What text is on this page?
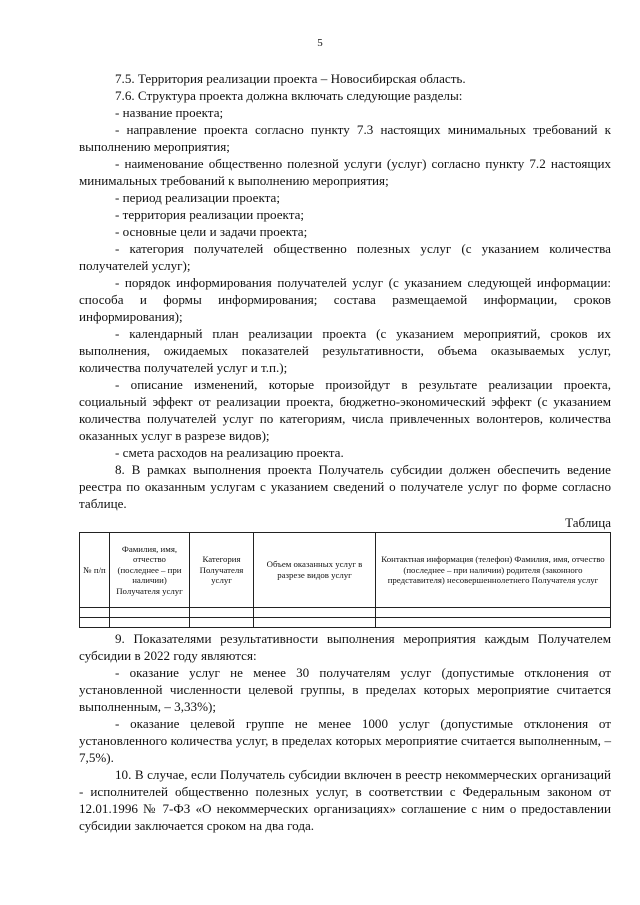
5

7.5. Территория реализации проекта – Новосибирская область.

7.6. Структура проекта должна включать следующие разделы:

- название проекта;

- направление проекта согласно пункту 7.3 настоящих минимальных требований к выполнению мероприятия;

- наименование общественно полезной услуги (услуг) согласно пункту 7.2 настоящих минимальных требований к выполнению мероприятия;

- период реализации проекта;

- территория реализации проекта;

- основные цели и задачи проекта;

- категория получателей общественно полезных услуг (с указанием количества получателей услуг);

- порядок информирования получателей услуг (с указанием следующей информации: способа и формы информирования; состава размещаемой информации, сроков информирования);

- календарный план реализации проекта (с указанием мероприятий, сроков их выполнения, ожидаемых показателей результативности, объема оказываемых услуг, количества получателей услуг и т.п.);

- описание изменений, которые произойдут в результате реализации проекта, социальный эффект от реализации проекта, бюджетно-экономический эффект (с указанием количества получателей услуг по категориям, числа привлеченных волонтеров, количества оказанных услуг в разрезе видов);

- смета расходов на реализацию проекта.

8. В рамках выполнения проекта Получатель субсидии должен обеспечить ведение реестра по оказанным услугам с указанием сведений о получателе услуг по форме согласно таблице.

Таблица
№ п/п	Фамилия, имя, отчество (последнее – при наличии) Получателя услуг	Категория Получателя услуг	Объем оказанных услуг в разрезе видов услуг	Контактная информация (телефон) Фамилия, имя, отчество (последнее – при наличии) родителя (законного представителя) несовершеннолетнего Получателя услуг

9. Показателями результативности выполнения мероприятия каждым Получателем субсидии в 2022 году являются:

- оказание услуг не менее 30 получателям услуг (допустимые отклонения от установленной численности целевой группы, в пределах которых мероприятие считается выполненным, – 3,33%);

- оказание целевой группе не менее 1000 услуг (допустимые отклонения от установленного количества услуг, в пределах которых мероприятие считается выполненным, – 7,5%).

10. В случае, если Получатель субсидии включен в реестр некоммерческих организаций - исполнителей общественно полезных услуг, в соответствии с Федеральным законом от 12.01.1996 № 7-ФЗ «О некоммерческих организациях» соглашение с ним о предоставлении субсидии заключается сроком на два года.
